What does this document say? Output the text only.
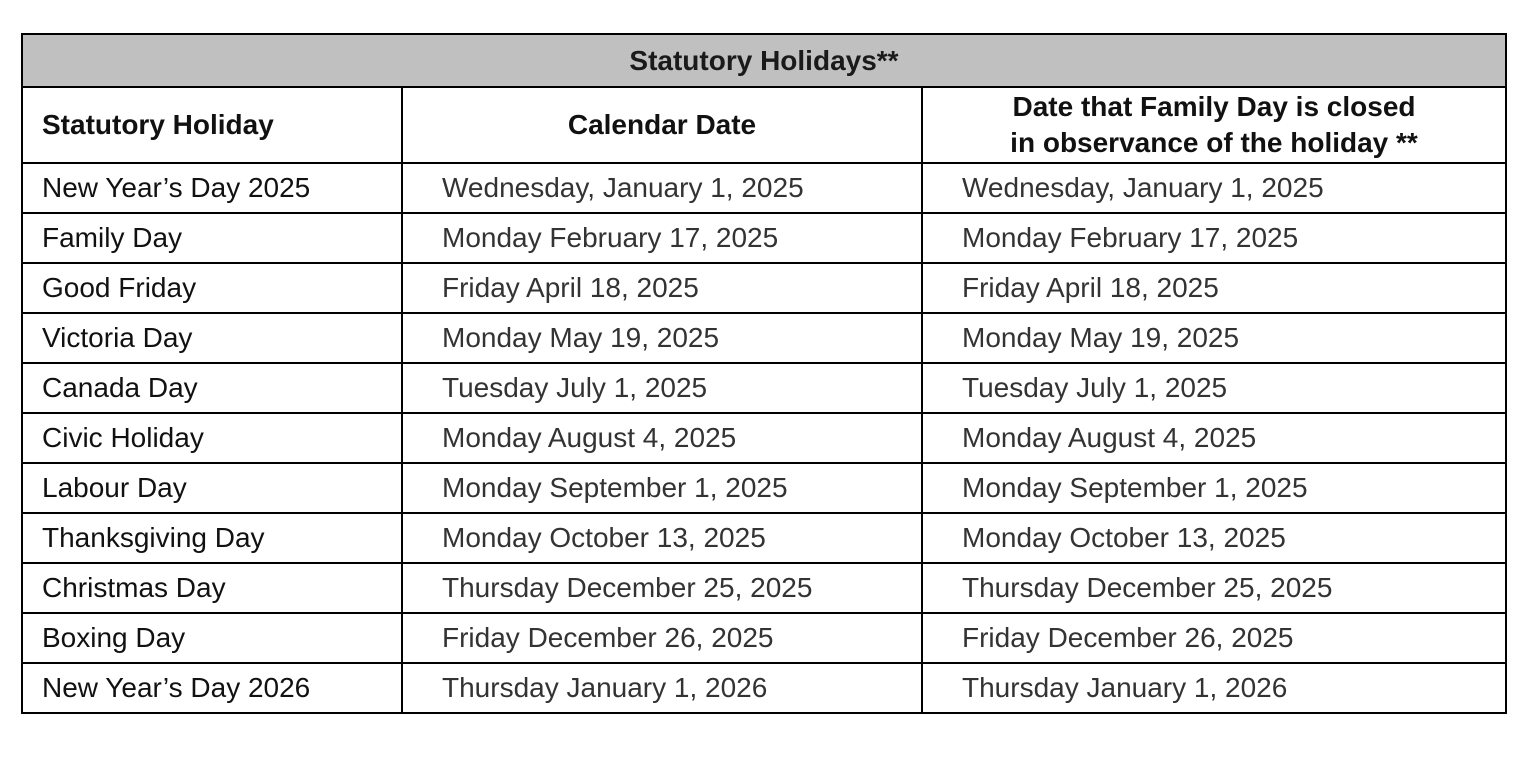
Statutory Holidays**		
Statutory Holiday	Calendar Date	Date that Family Day is closed
in observance of the holiday **
New Year’s Day 2025	Wednesday, January 1, 2025	Wednesday, January 1, 2025
Family Day	Monday February 17, 2025	Monday February 17, 2025
Good Friday	Friday April 18, 2025	Friday April 18, 2025
Victoria Day	Monday May 19, 2025	Monday May 19, 2025
Canada Day	Tuesday July 1, 2025	Tuesday July 1, 2025
Civic Holiday	Monday August 4, 2025	Monday August 4, 2025
Labour Day	Monday September 1, 2025	Monday September 1, 2025
Thanksgiving Day	Monday October 13, 2025	Monday October 13, 2025
Christmas Day	Thursday December 25, 2025	Thursday December 25, 2025
Boxing Day	Friday December 26, 2025	Friday December 26, 2025
New Year’s Day 2026	Thursday January 1, 2026	Thursday January 1, 2026
